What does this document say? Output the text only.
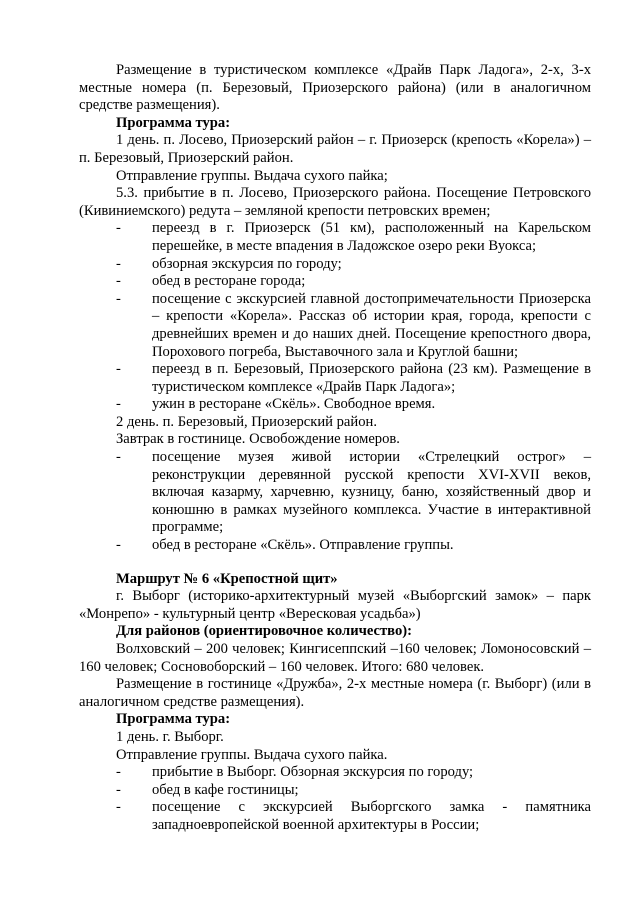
Размещение в туристическом комплексе «Драйв Парк Ладога», 2-х, 3-х местные номера (п. Березовый, Приозерского района) (или в аналогичном средстве размещения).

Программа тура:

1 день. п. Лосево, Приозерский район – г. Приозерск (крепость «Корела») – п. Березовый, Приозерский район.

Отправление группы. Выдача сухого пайка;

5.3. прибытие в п. Лосево, Приозерского района. Посещение Петровского (Кивиниемского) редута – земляной крепости петровских времен;

- переезд в г. Приозерск (51 км), расположенный на Карельском перешейке, в месте впадения в Ладожское озеро реки Вуокса;

- обзорная экскурсия по городу;

- обед в ресторане города;

- посещение с экскурсией главной достопримечательности Приозерска – крепости «Корела». Рассказ об истории края, города, крепости с древнейших времен и до наших дней. Посещение крепостного двора, Порохового погреба, Выставочного зала и Круглой башни;

- переезд в п. Березовый, Приозерского района (23 км). Размещение в туристическом комплексе «Драйв Парк Ладога»;

- ужин в ресторане «Скёль». Свободное время.

2 день. п. Березовый, Приозерский район.

Завтрак в гостинице. Освобождение номеров.

- посещение музея живой истории «Стрелецкий острог» – реконструкции деревянной русской крепости XVI-XVII веков, включая казарму, харчевню, кузницу, баню, хозяйственный двор и конюшню в рамках музейного комплекса. Участие в интерактивной программе;

- обед в ресторане «Скёль». Отправление группы.

Маршрут № 6 «Крепостной щит»

г. Выборг (историко-архитектурный музей «Выборгский замок» – парк «Монрепо» - культурный центр «Вересковая усадьба»)

Для районов (ориентировочное количество):

Волховский – 200 человек; Кингисеппский –160 человек; Ломоносовский – 160 человек; Сосновоборский – 160 человек. Итого: 680 человек.

Размещение в гостинице «Дружба», 2-х местные номера (г. Выборг) (или в аналогичном средстве размещения).

Программа тура:

1 день. г. Выборг.

Отправление группы. Выдача сухого пайка.

- прибытие в Выборг. Обзорная экскурсия по городу;

- обед в кафе гостиницы;

- посещение с экскурсией Выборгского замка - памятника западноевропейской военной архитектуры в России;
